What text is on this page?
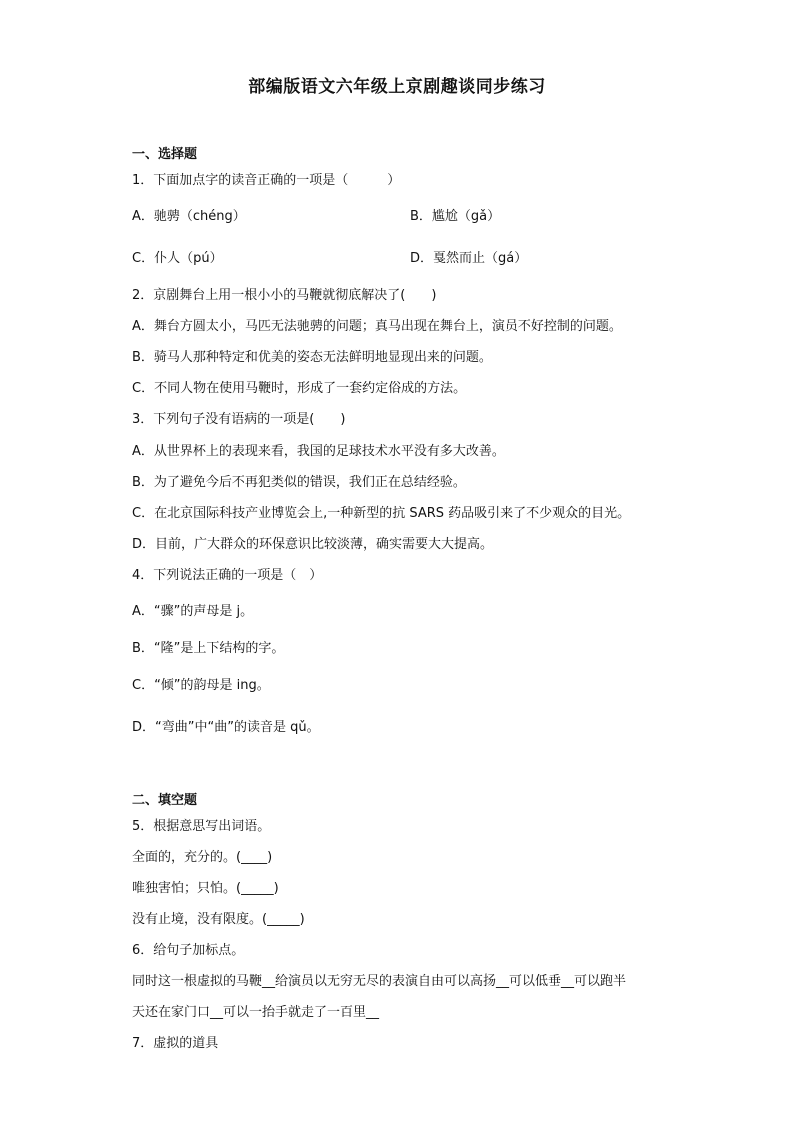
部编版语文六年级上京剧趣谈同步练习
一、选择题
1．下面加点字的读音正确的一项是（　　　）
A．驰骋（chéng）	B．尴尬（gǎ）
C．仆人（pú）	D．戛然而止（gá）
2．京剧舞台上用一根小小的马鞭就彻底解决了(　　)
A．舞台方圆太小，马匹无法驰骋的问题；真马出现在舞台上，演员不好控制的问题。
B．骑马人那种特定和优美的姿态无法鲜明地显现出来的问题。
C．不同人物在使用马鞭时，形成了一套约定俗成的方法。
3．下列句子没有语病的一项是(　　)
A．从世界杯上的表现来看，我国的足球技术水平没有多大改善。
B．为了避免今后不再犯类似的错误，我们正在总结经验。
C．在北京国际科技产业博览会上,一种新型的抗 SARS 药品吸引来了不少观众的目光。
D．目前，广大群众的环保意识比较淡薄，确实需要大大提高。
4．下列说法正确的一项是（　）
A．“骤”的声母是 j。
B．“隆”是上下结构的字。
C．“倾”的韵母是 ing。
D．“弯曲”中“曲”的读音是 qǔ。
二、填空题
5．根据意思写出词语。
全面的，充分的。(____)
唯独害怕；只怕。(_____)
没有止境，没有限度。(_____)
6．给句子加标点。
同时这一根虚拟的马鞭__给演员以无穷无尽的表演自由可以高扬__可以低垂__可以跑半
天还在家门口__可以一抬手就走了一百里__
7．虚拟的道具
